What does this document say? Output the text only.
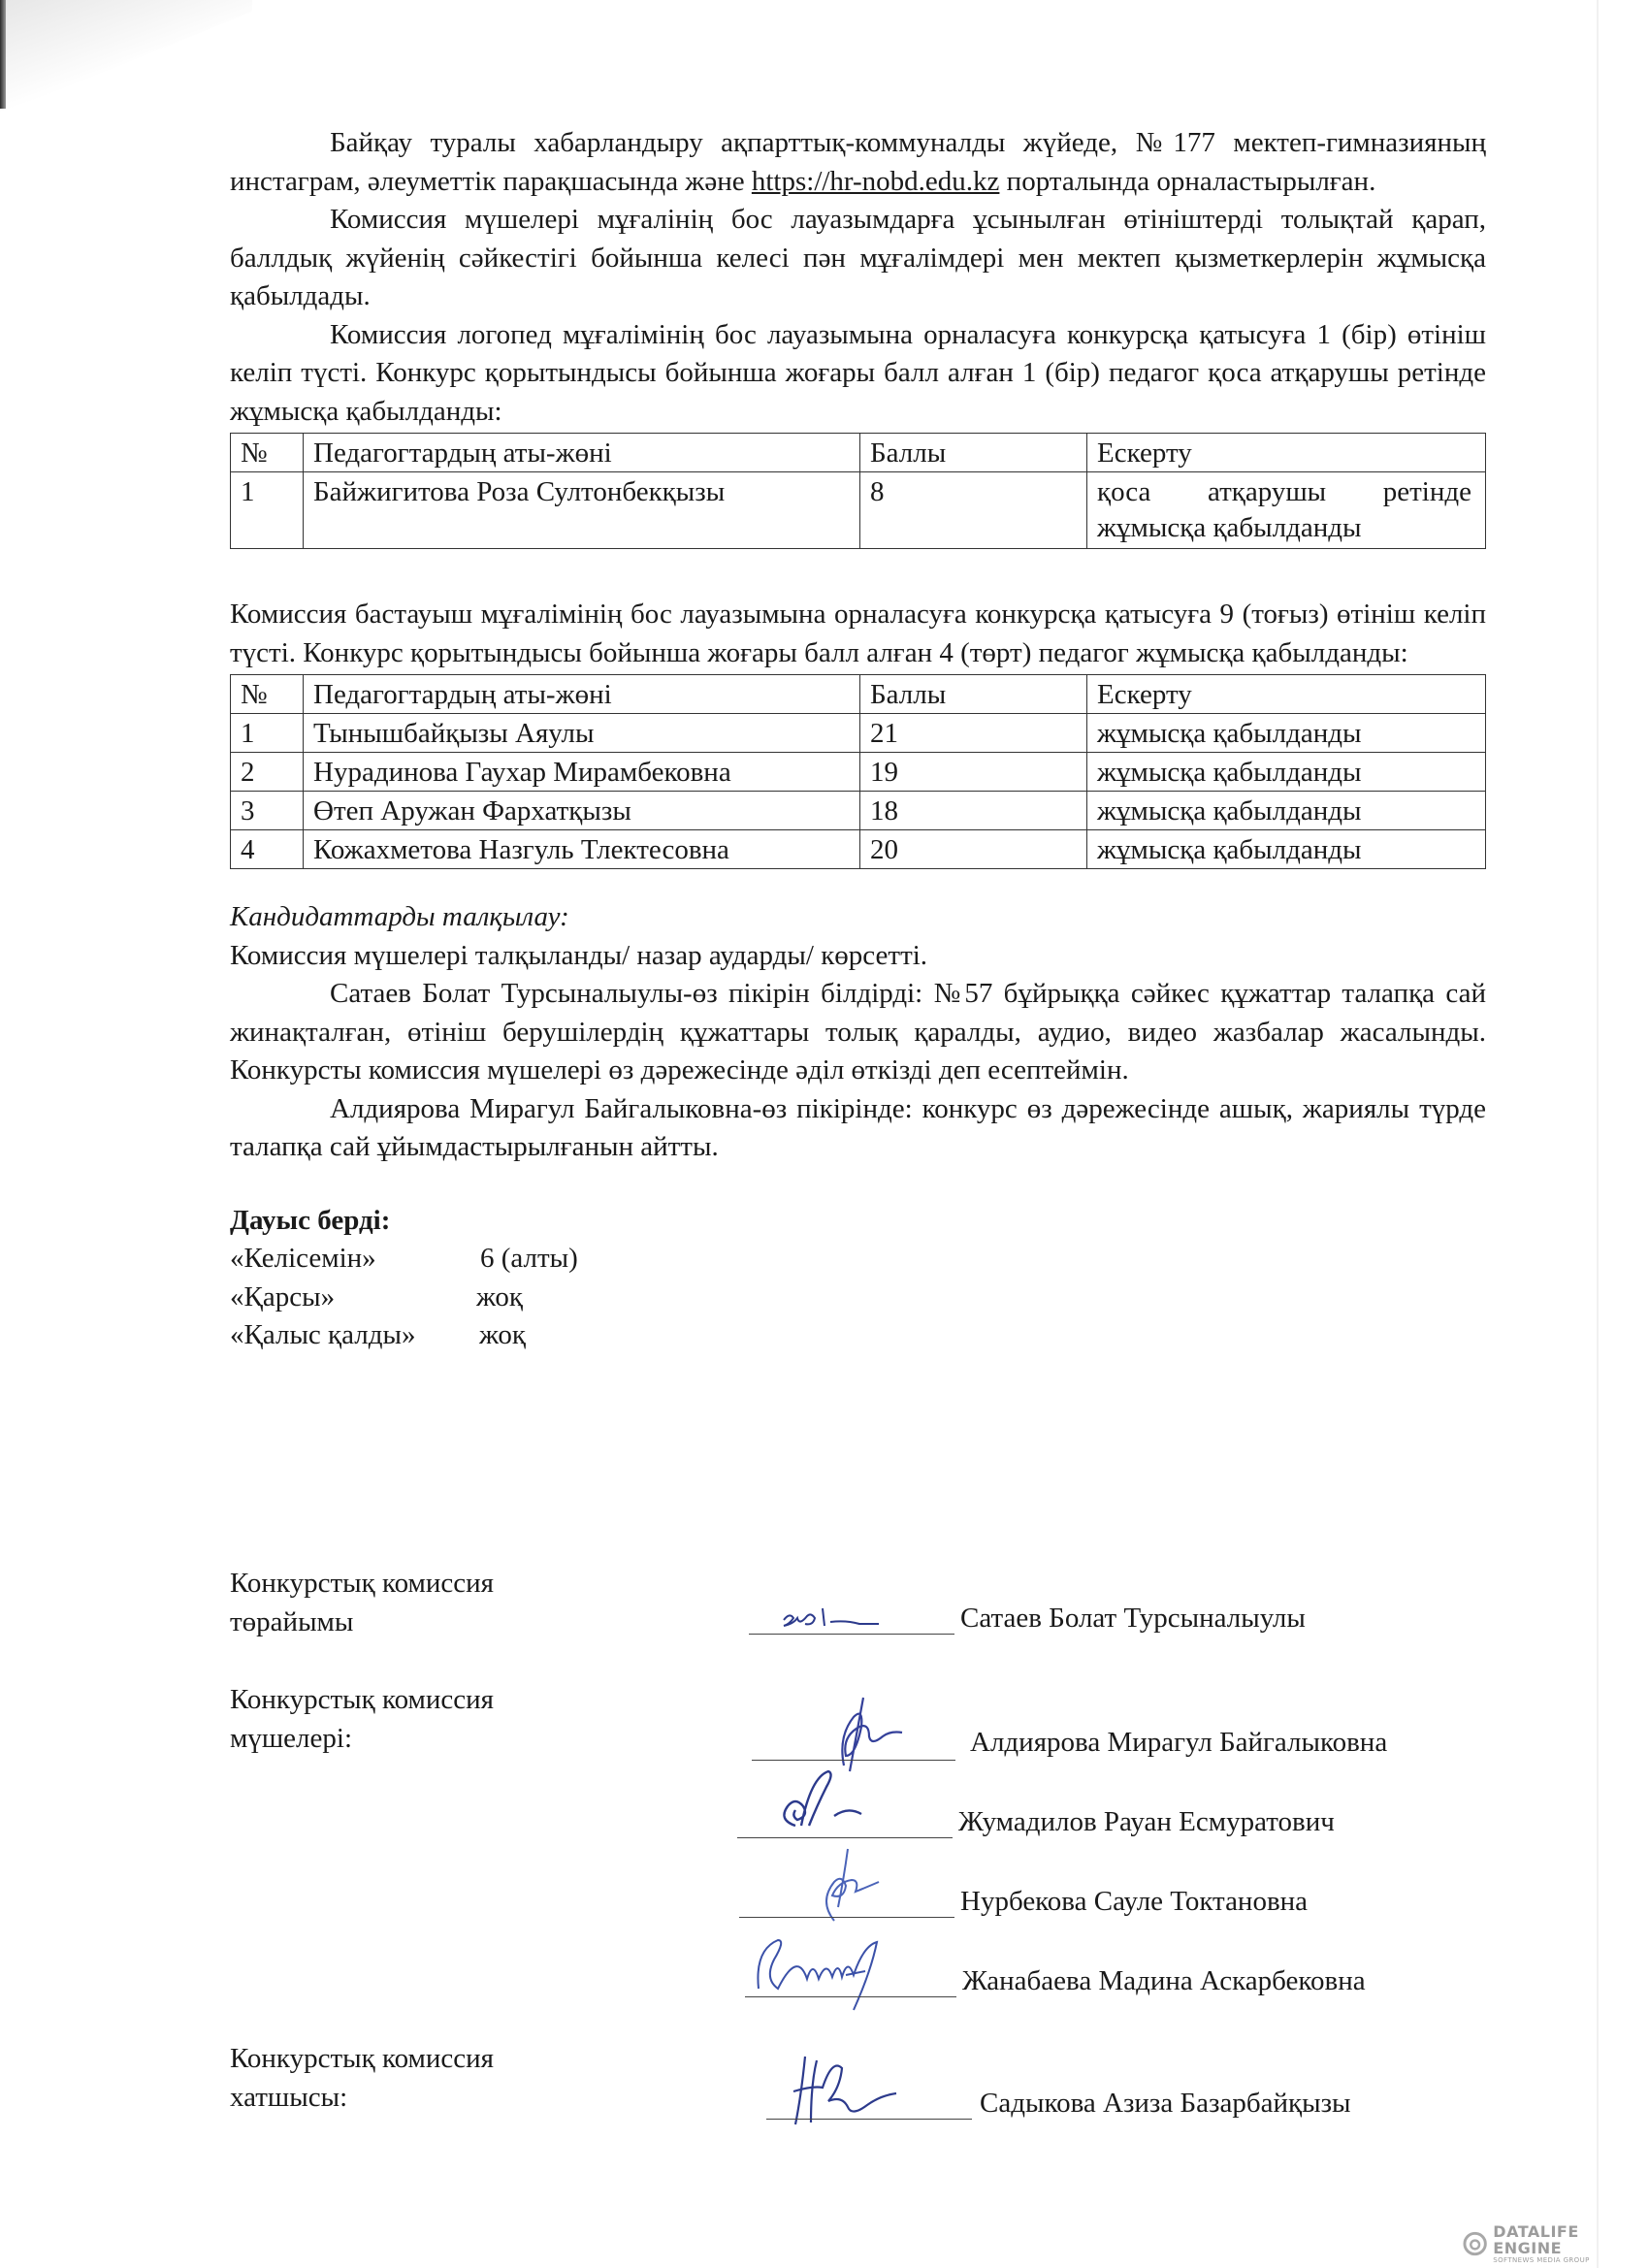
Байқау туралы хабарландыру ақпарттық-коммуналды жүйеде, №177 мектеп-гимназияның инстаграм, әлеуметтік парақшасында және https://hr-nobd.edu.kz порталында орналастырылған.

Комиссия мүшелері мұғалінің бос лауазымдарға ұсынылған өтініштерді толықтай қарап, баллдық жүйенің сәйкестігі бойынша келесі пән мұғалімдері мен мектеп қызметкерлерін жұмысқа қабылдады.

Комиссия логопед мұғалімінің бос лауазымына орналасуға конкурсқа қатысуға 1 (бір) өтініш келіп түсті. Конкурс қорытындысы бойынша жоғары балл алған 1 (бір) педагог қоса атқарушы ретінде жұмысқа қабылданды:

№	Педагогтардың аты-жөні	Баллы	Ескерту
1	Байжигитова Роза Султонбекқызы	8	қоса атқарушы ретінде жұмысқа қабылданды

Комиссия бастауыш мұғалімінің бос лауазымына орналасуға конкурсқа қатысуға 9 (тоғыз) өтініш келіп түсті. Конкурс қорытындысы бойынша жоғары балл алған 4 (төрт) педагог жұмысқа қабылданды:

№	Педагогтардың аты-жөні	Баллы	Ескерту
1	Тынышбайқызы Аяулы	21	жұмысқа қабылданды
2	Нурадинова Гаухар Мирамбековна	19	жұмысқа қабылданды
3	Өтеп Аружан Фархатқызы	18	жұмысқа қабылданды
4	Кожахметова Назгуль Тлектесовна	20	жұмысқа қабылданды

Кандидаттарды талқылау:

Комиссия мүшелері талқыланды/ назар аударды/ көрсетті.

Сатаев Болат Турсыналыулы-өз пікірін білдірді: №57 бұйрыққа сәйкес құжаттар талапқа сай жинақталған, өтініш берушілердің құжаттары толық қаралды, аудио, видео жазбалар жасалынды. Конкурсты комиссия мүшелері өз дәрежесінде әділ өткізді деп есептеймін.

Алдиярова Мирагул Байгалыковна-өз пікірінде: конкурс өз дәрежесінде ашық, жариялы түрде талапқа сай ұйымдастырылғанын айтты.

Дауыс берді:

«Келісемін»	6 (алты)
«Қарсы»	жоқ
«Қалыс қалды»	жоқ
Конкурстық комиссия
төрайымы	Сатаев Болат Турсыналыулы
Конкурстық комиссия
мүшелері:	Алдиярова Мирагул Байгалыковна
Жумадилов Рауан Есмуратович
Нурбекова Сауле Токтановна
Жанабаева Мадина Аскарбековна
Конкурстық комиссия
хатшысы:	Садыкова Азиза Базарбайқызы
DATALIFE ENGINE
SOFTNEWS MEDIA GROUP
